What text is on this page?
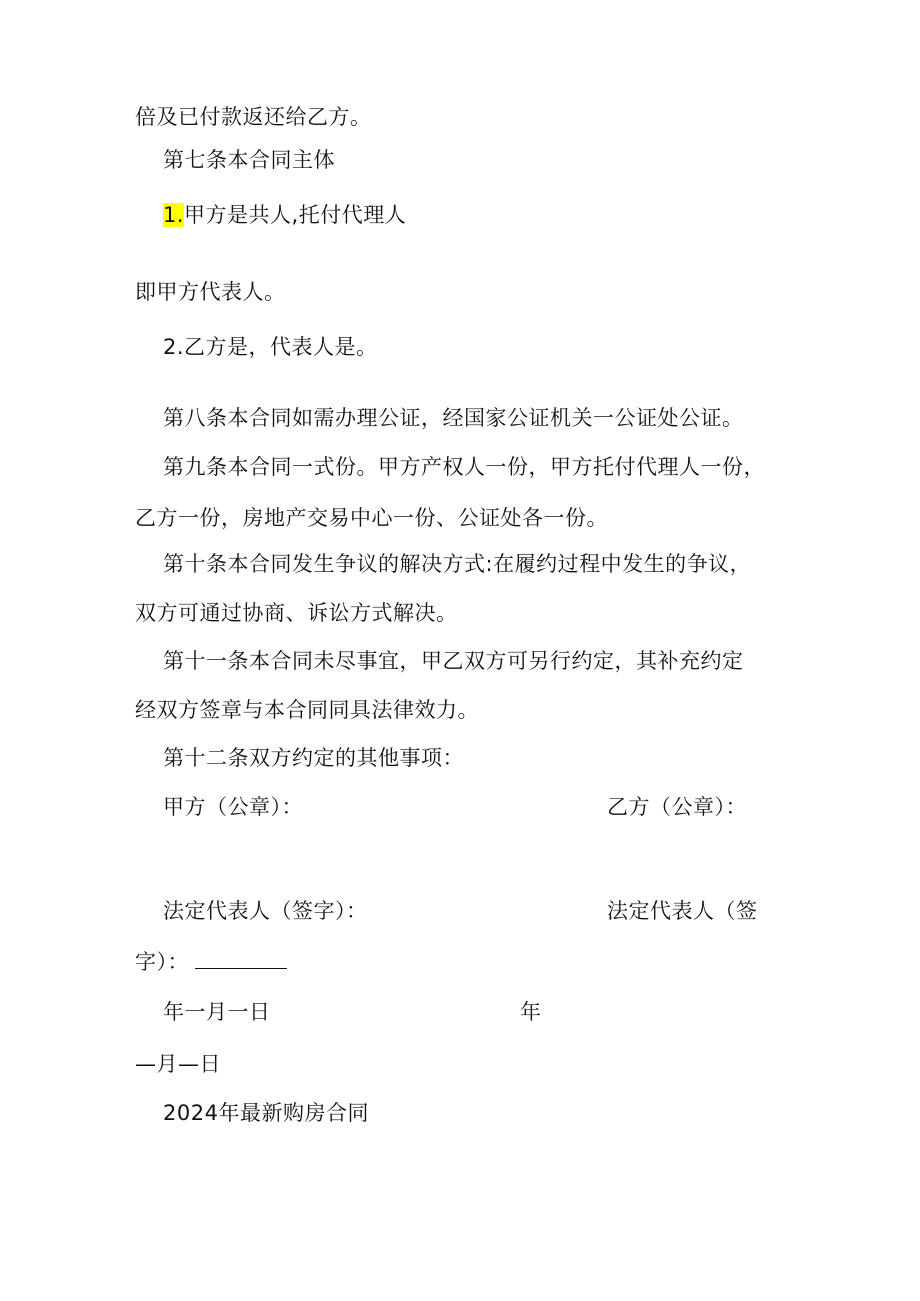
倍及已付款返还给乙方。
第七条本合同主体
1.甲方是共人,托付代理人
即甲方代表人。
2.乙方是，代表人是。
第八条本合同如需办理公证，经国家公证机关一公证处公证。
第九条本合同一式份。甲方产权人一份，甲方托付代理人一份，
乙方一份，房地产交易中心一份、公证处各一份。
第十条本合同发生争议的解决方式:在履约过程中发生的争议，
双方可通过协商、诉讼方式解决。
第十一条本合同未尽事宜，甲乙双方可另行约定，其补充约定
经双方签章与本合同同具法律效力。
第十二条双方约定的其他事项：
甲方（公章）：	乙方（公章）：
法定代表人（签字）：	法定代表人（签
字）：
年一月一日	年
—月—日
2024年最新购房合同
